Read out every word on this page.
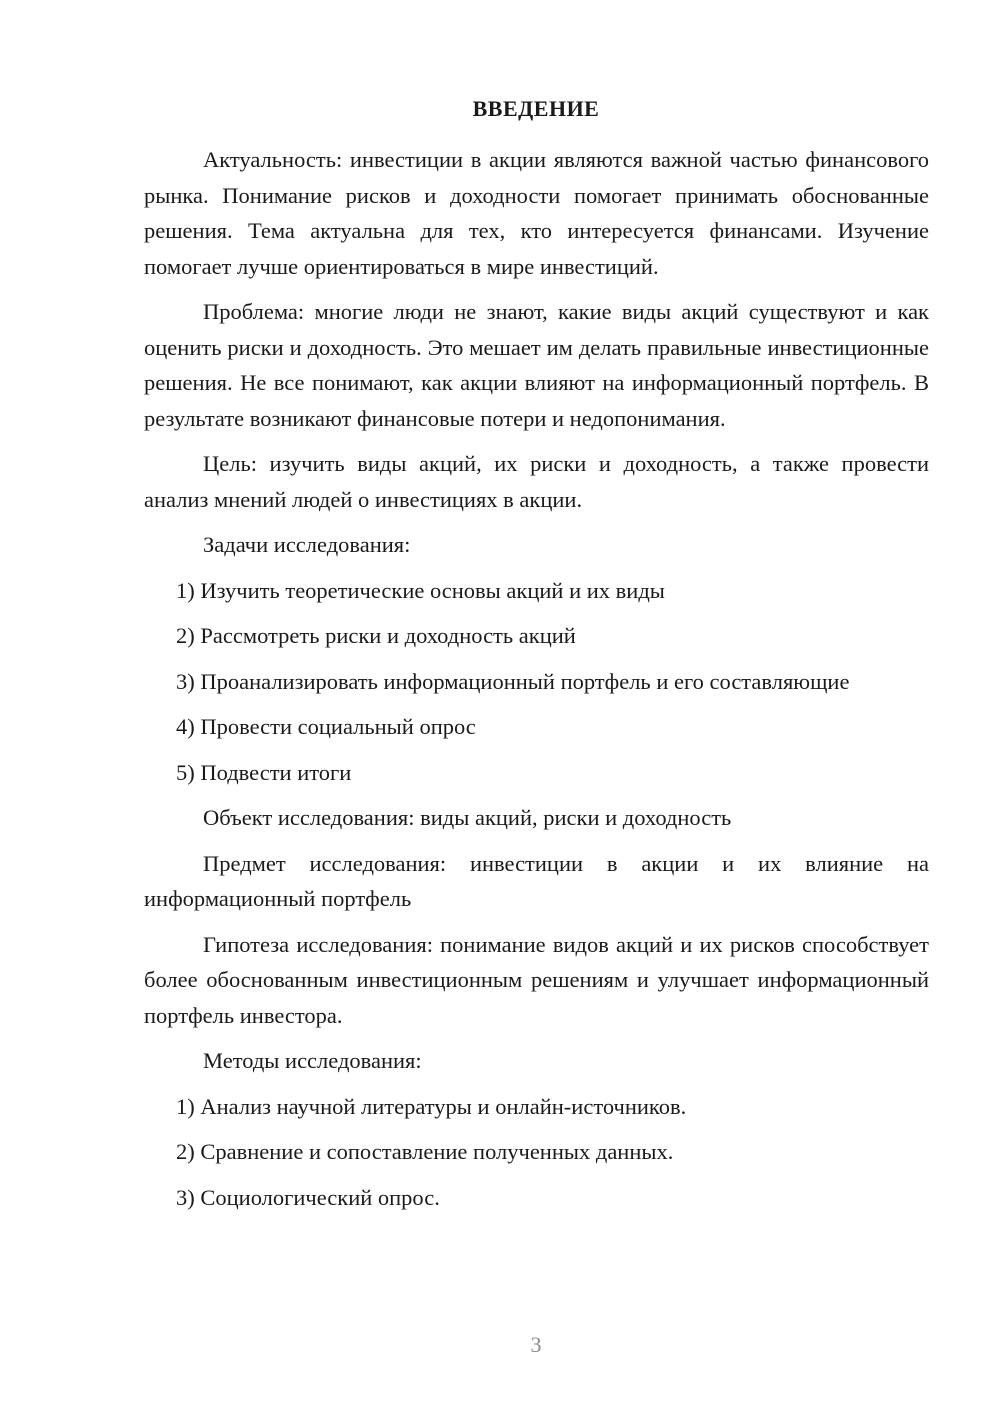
ВВЕДЕНИЕ

Актуальность: инвестиции в акции являются важной частью финансового рынка. Понимание рисков и доходности помогает принимать обоснованные решения. Тема актуальна для тех, кто интересуется финансами. Изучение помогает лучше ориентироваться в мире инвестиций.

Проблема: многие люди не знают, какие виды акций существуют и как оценить риски и доходность. Это мешает им делать правильные инвестиционные решения. Не все понимают, как акции влияют на информационный портфель. В результате возникают финансовые потери и недопонимания.

Цель: изучить виды акций, их риски и доходность, а также провести анализ мнений людей о инвестициях в акции.

Задачи исследования:

1) Изучить теоретические основы акций и их виды

2) Рассмотреть риски и доходность акций

3) Проанализировать информационный портфель и его составляющие

4) Провести социальный опрос

5) Подвести итоги

Объект исследования: виды акций, риски и доходность

Предмет исследования: инвестиции в акции и их влияние на информационный портфель

Гипотеза исследования: понимание видов акций и их рисков способствует более обоснованным инвестиционным решениям и улучшает информационный портфель инвестора.

Методы исследования:

1) Анализ научной литературы и онлайн-источников.

2) Сравнение и сопоставление полученных данных.

3) Социологический опрос.

3
